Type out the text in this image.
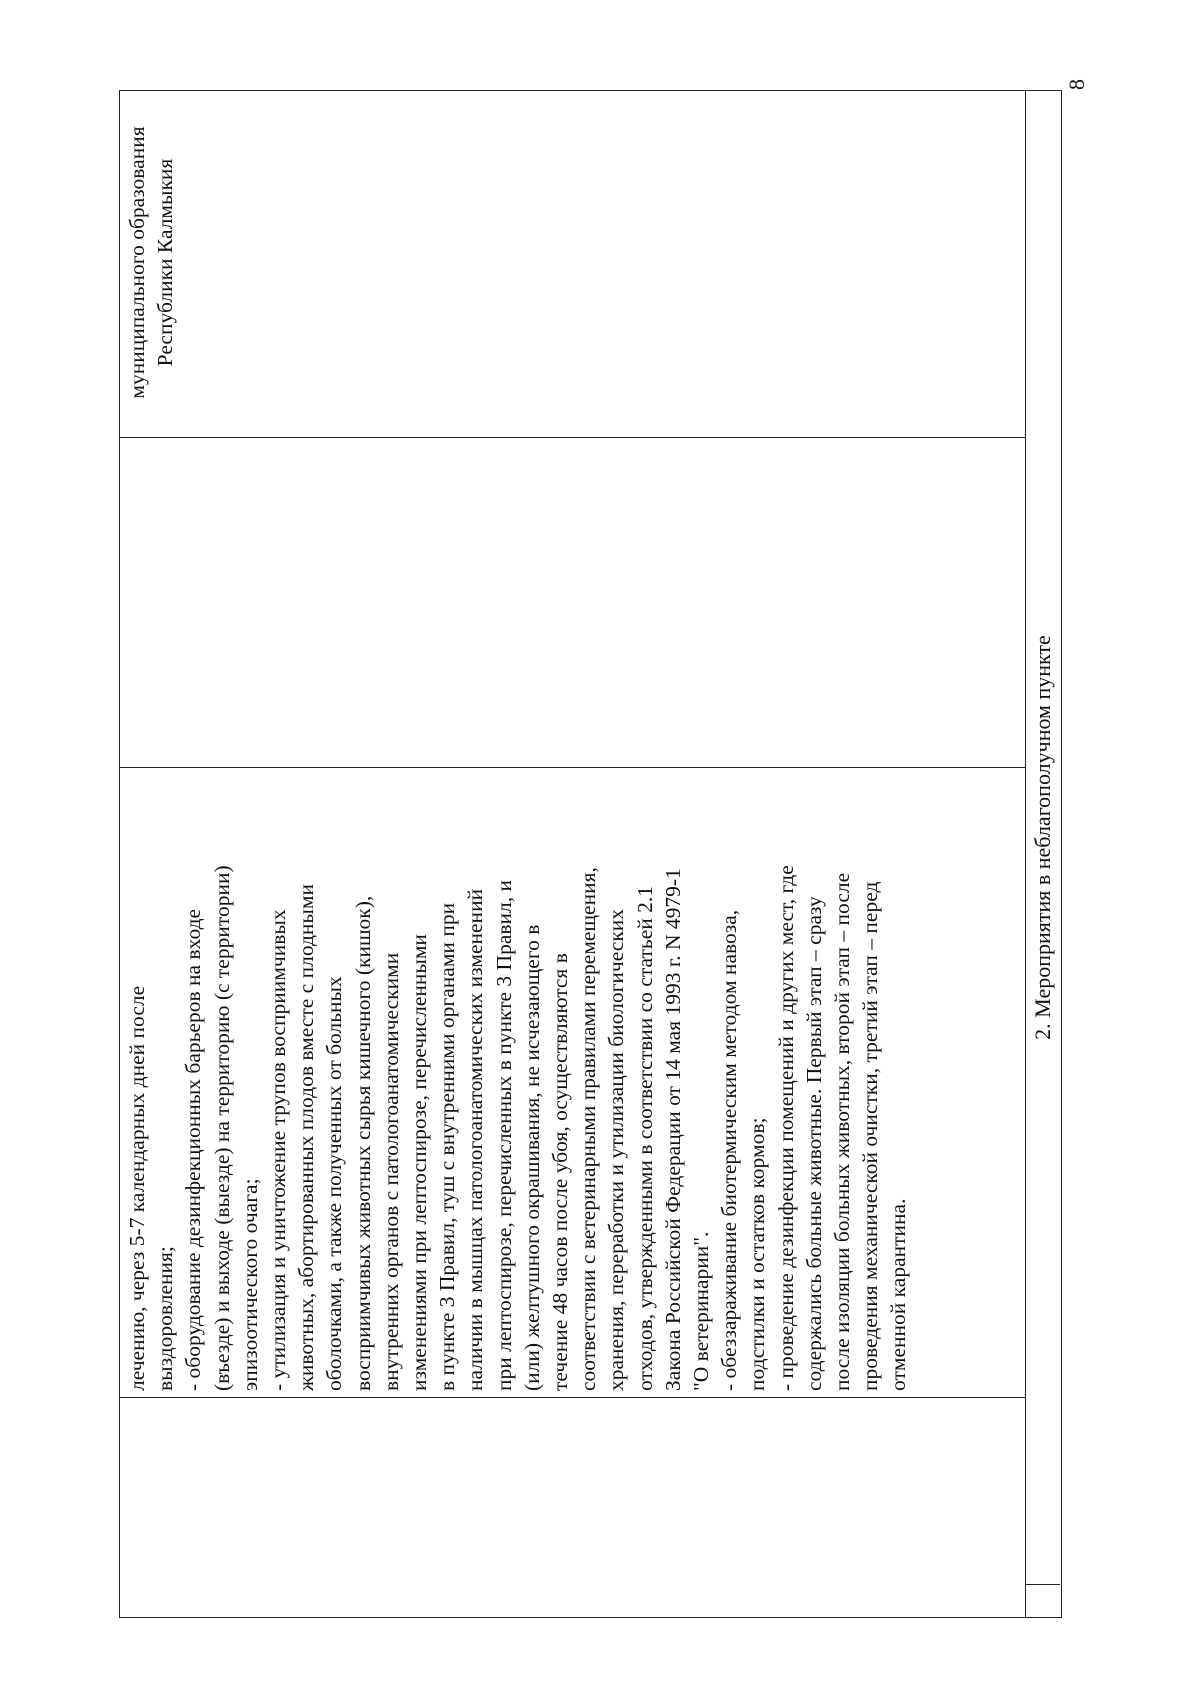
8
лечению, через 5-7 календарных дней после выздоровления; - оборудование дезинфекционных барьеров на входе (въезде) и выходе (выезде) на территорию (с территории) эпизоотического очага; - утилизация и уничтожение трупов восприимчивых животных, абортированных плодов вместе с плодными оболочками, а также полученных от больных восприимчивых животных сырья кишечного (кишок), внутренних органов с патологоанатомическими изменениями при лептоспирозе, перечисленными в пункте 3 Правил, туш с внутренними органами при наличии в мышцах патологоанатомических изменений при лептоспирозе, перечисленных в пункте 3 Правил, и (или) желтушного окрашивания, не исчезающего в течение 48 часов после убоя, осуществляются в соответствии с ветеринарными правилами перемещения, хранения, переработки и утилизации биологических отходов, утвержденными в соответствии со статьей 2.1 Закона Российской Федерации от 14 мая 1993 г. N 4979-1 "О ветеринарии". - обеззараживание биотермическим методом навоза, подстилки и остатков кормов; - проведение дезинфекции помещений и других мест, где содержались больные животные. Первый этап – сразу после изоляции больных животных, второй этап – после проведения механической очистки, третий этап – перед отменной карантина.
муниципального образования Республики Калмыкия
2. Мероприятия в неблагополучном пункте
